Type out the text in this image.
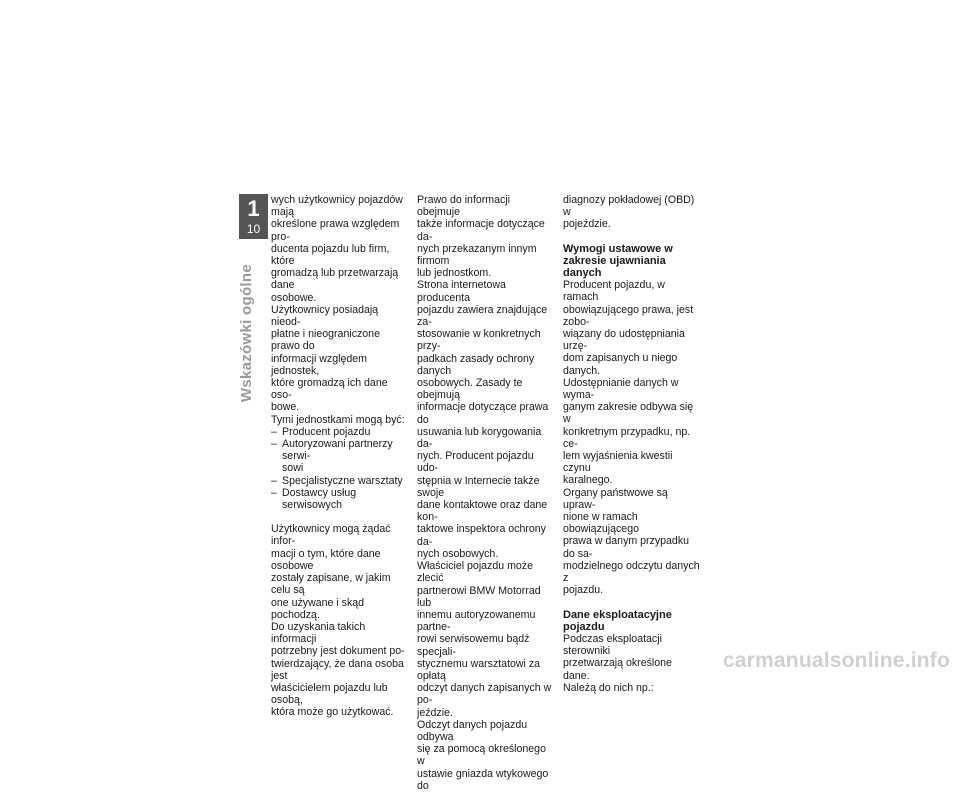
1
10
Wskazówki ogólne

wych użytkownicy pojazdów mają
określone prawa względem pro-
ducenta pojazdu lub firm, które
gromadzą lub przetwarzają dane
osobowe.

Użytkownicy posiadają nieod-
płatne i nieograniczone prawo do
informacji względem jednostek,
które gromadzą ich dane oso-
bowe.

Tymi jednostkami mogą być:

– Producent pojazdu
– Autoryzowani partnerzy serwi-
sowi
– Specjalistyczne warsztaty
– Dostawcy usług serwisowych

Użytkownicy mogą żądać infor-
macji o tym, które dane osobowe
zostały zapisane, w jakim celu są
one używane i skąd pochodzą.
Do uzyskania takich informacji
potrzebny jest dokument po-
twierdzający, że dana osoba jest
właścicielem pojazdu lub osobą,
która może go użytkować.

Prawo do informacji obejmuje
także informacje dotyczące da-
nych przekazanym innym firmom
lub jednostkom.

Strona internetowa producenta
pojazdu zawiera znajdujące za-
stosowanie w konkretnych przy-
padkach zasady ochrony danych
osobowych. Zasady te obejmują
informacje dotyczące prawa do
usuwania lub korygowania da-
nych. Producent pojazdu udo-
stępnia w Internecie także swoje
dane kontaktowe oraz dane kon-
taktowe inspektora ochrony da-
nych osobowych.

Właściciel pojazdu może zlecić
partnerowi BMW Motorrad lub
innemu autoryzowanemu partne-
rowi serwisowemu bądź specjali-
stycznemu warsztatowi za opłatą
odczyt danych zapisanych w po-
jeździe.

Odczyt danych pojazdu odbywa
się za pomocą określonego w
ustawie gniazda wtykowego do

diagnozy pokładowej (OBD) w
pojeździe.

Wymogi ustawowe w
zakresie ujawniania danych

Producent pojazdu, w ramach
obowiązującego prawa, jest zobo-
wiązany do udostępniania urzę-
dom zapisanych u niego danych.
Udostępnianie danych w wyma-
ganym zakresie odbywa się w
konkretnym przypadku, np. ce-
lem wyjaśnienia kwestii czynu
karalnego.

Organy państwowe są upraw-
nione w ramach obowiązującego
prawa w danym przypadku do sa-
modzielnego odczytu danych z
pojazdu.

Dane eksploatacyjne pojazdu

Podczas eksploatacji sterowniki
przetwarzają określone dane.
Należą do nich np.:

carmanualsonline.info
